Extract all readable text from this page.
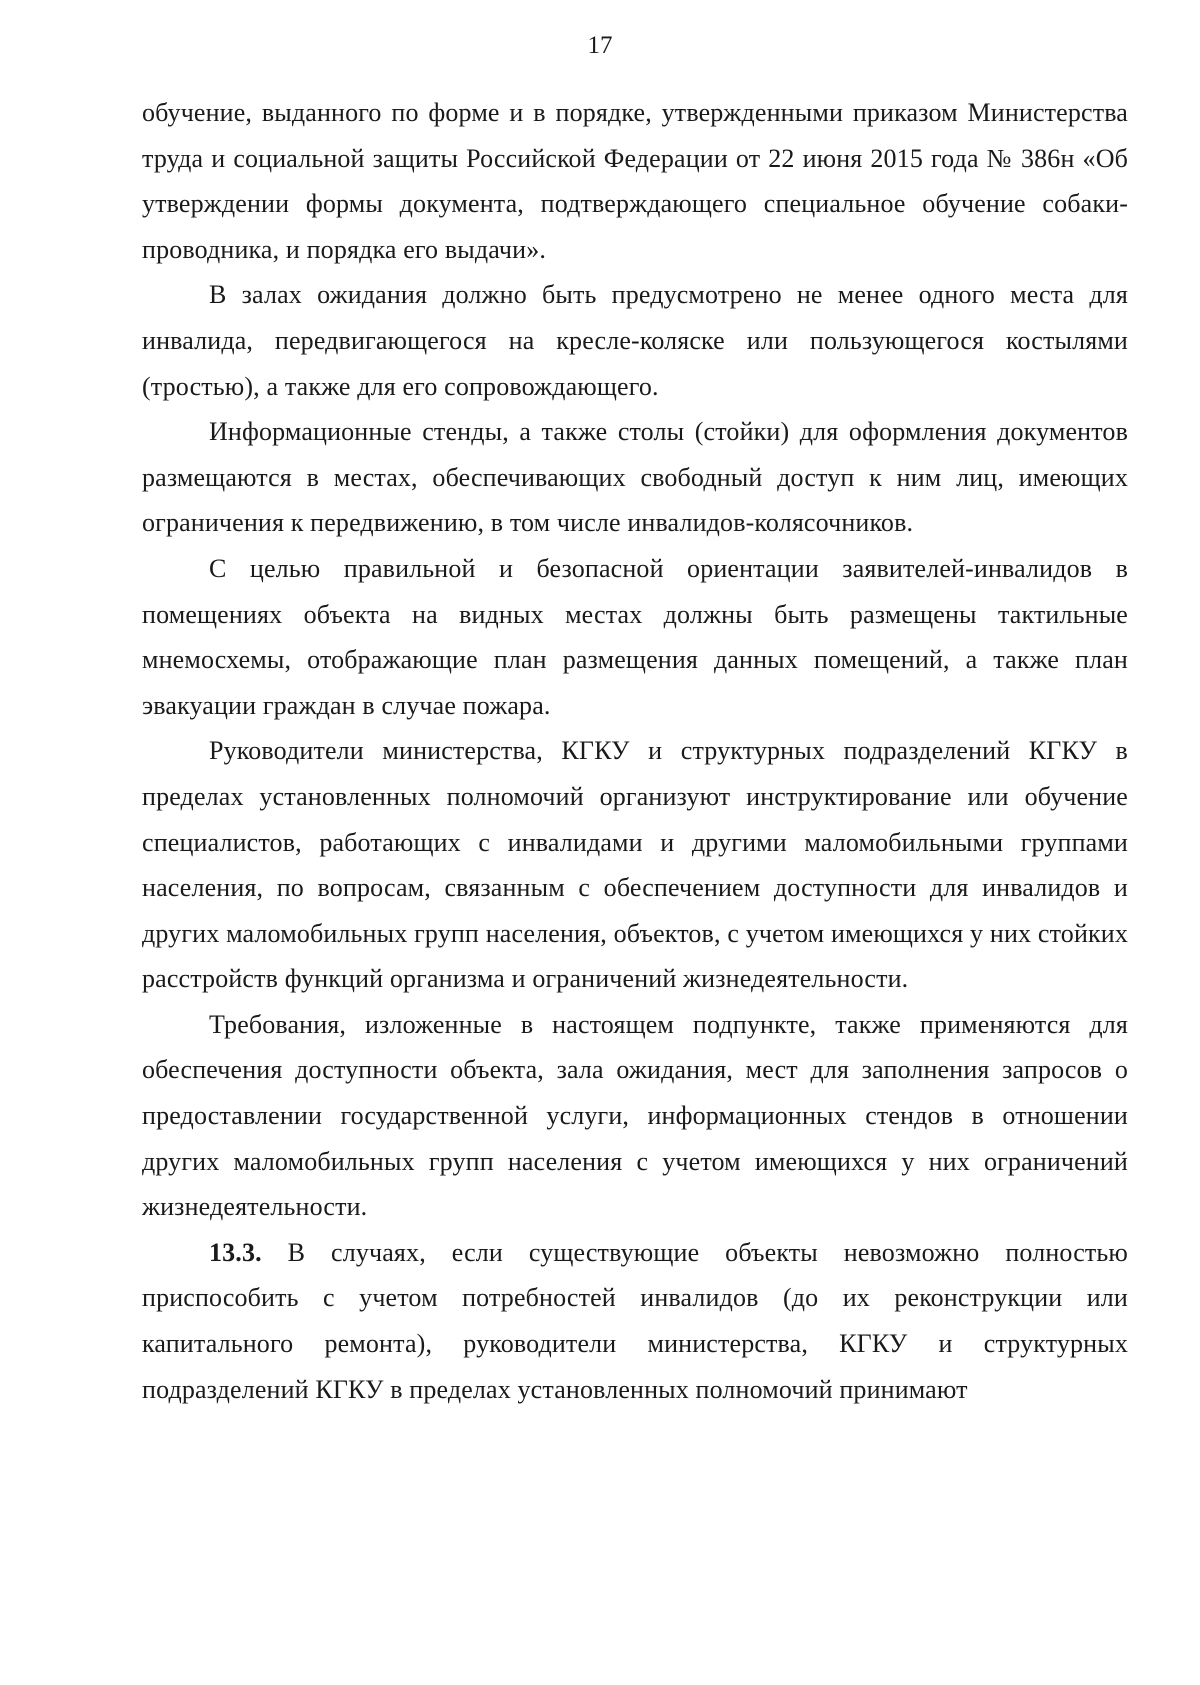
17

обучение, выданного по форме и в порядке, утвержденными приказом Министерства труда и социальной защиты Российской Федерации от 22 июня 2015 года № 386н «Об утверждении формы документа, подтверждающего специальное обучение собаки-проводника, и порядка его выдачи».

В залах ожидания должно быть предусмотрено не менее одного места для инвалида, передвигающегося на кресле-коляске или пользующегося костылями (тростью), а также для его сопровождающего.

Информационные стенды, а также столы (стойки) для оформления документов размещаются в местах, обеспечивающих свободный доступ к ним лиц, имеющих ограничения к передвижению, в том числе инвалидов-колясочников.

С целью правильной и безопасной ориентации заявителей-инвалидов в помещениях объекта на видных местах должны быть размещены тактильные мнемосхемы, отображающие план размещения данных помещений, а также план эвакуации граждан в случае пожара.

Руководители министерства, КГКУ и структурных подразделений КГКУ в пределах установленных полномочий организуют инструктирование или обучение специалистов, работающих с инвалидами и другими маломобильными группами населения, по вопросам, связанным с обеспечением доступности для инвалидов и других маломобильных групп населения, объектов, с учетом имеющихся у них стойких расстройств функций организма и ограничений жизнедеятельности.

Требования, изложенные в настоящем подпункте, также применяются для обеспечения доступности объекта, зала ожидания, мест для заполнения запросов о предоставлении государственной услуги, информационных стендов в отношении других маломобильных групп населения с учетом имеющихся у них ограничений жизнедеятельности.

13.3. В случаях, если существующие объекты невозможно полностью приспособить с учетом потребностей инвалидов (до их реконструкции или капитального ремонта), руководители министерства, КГКУ и структурных подразделений КГКУ в пределах установленных полномочий принимают
